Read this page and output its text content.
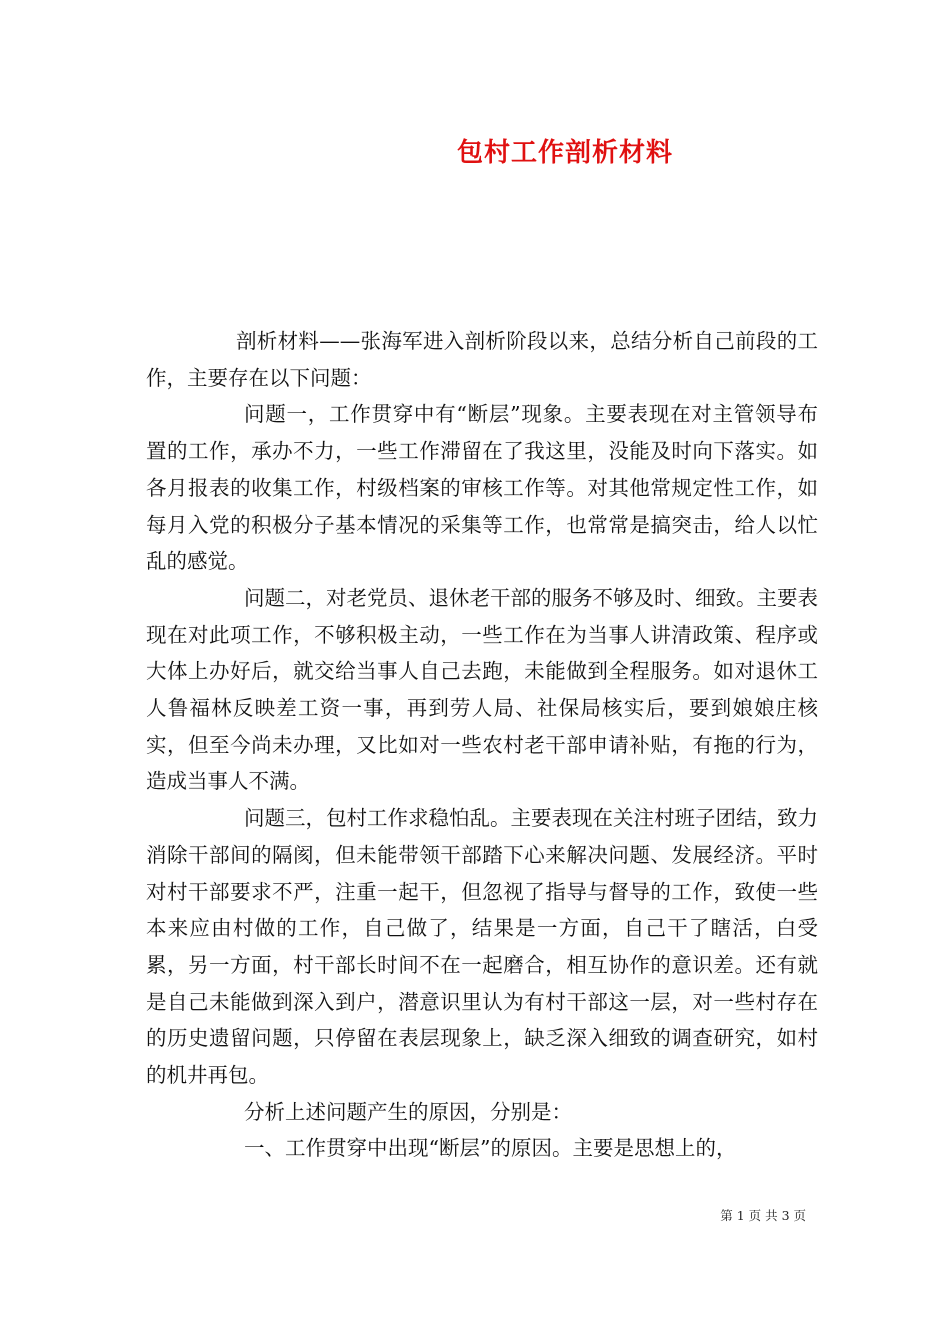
包村工作剖析材料

剖析材料——张海军进入剖析阶段以来，总结分析自己前段的工作，主要存在以下问题：

问题一，工作贯穿中有“断层”现象。主要表现在对主管领导布置的工作，承办不力，一些工作滞留在了我这里，没能及时向下落实。如各月报表的收集工作，村级档案的审核工作等。对其他常规定性工作，如每月入党的积极分子基本情况的采集等工作，也常常是搞突击，给人以忙乱的感觉。

问题二，对老党员、退休老干部的服务不够及时、细致。主要表现在对此项工作，不够积极主动，一些工作在为当事人讲清政策、程序或大体上办好后，就交给当事人自己去跑，未能做到全程服务。如对退休工人鲁福林反映差工资一事，再到劳人局、社保局核实后，要到娘娘庄核实，但至今尚未办理，又比如对一些农村老干部申请补贴，有拖的行为，造成当事人不满。

问题三，包村工作求稳怕乱。主要表现在关注村班子团结，致力消除干部间的隔阂，但未能带领干部踏下心来解决问题、发展经济。平时对村干部要求不严，注重一起干，但忽视了指导与督导的工作，致使一些本来应由村做的工作，自己做了，结果是一方面，自己干了瞎活，白受累，另一方面，村干部长时间不在一起磨合，相互协作的意识差。还有就是自己未能做到深入到户，潜意识里认为有村干部这一层，对一些村存在的历史遗留问题，只停留在表层现象上，缺乏深入细致的调查研究，如村的机井再包。

分析上述问题产生的原因，分别是：

一、工作贯穿中出现“断层”的原因。主要是思想上的，

第 1 页 共 3 页
